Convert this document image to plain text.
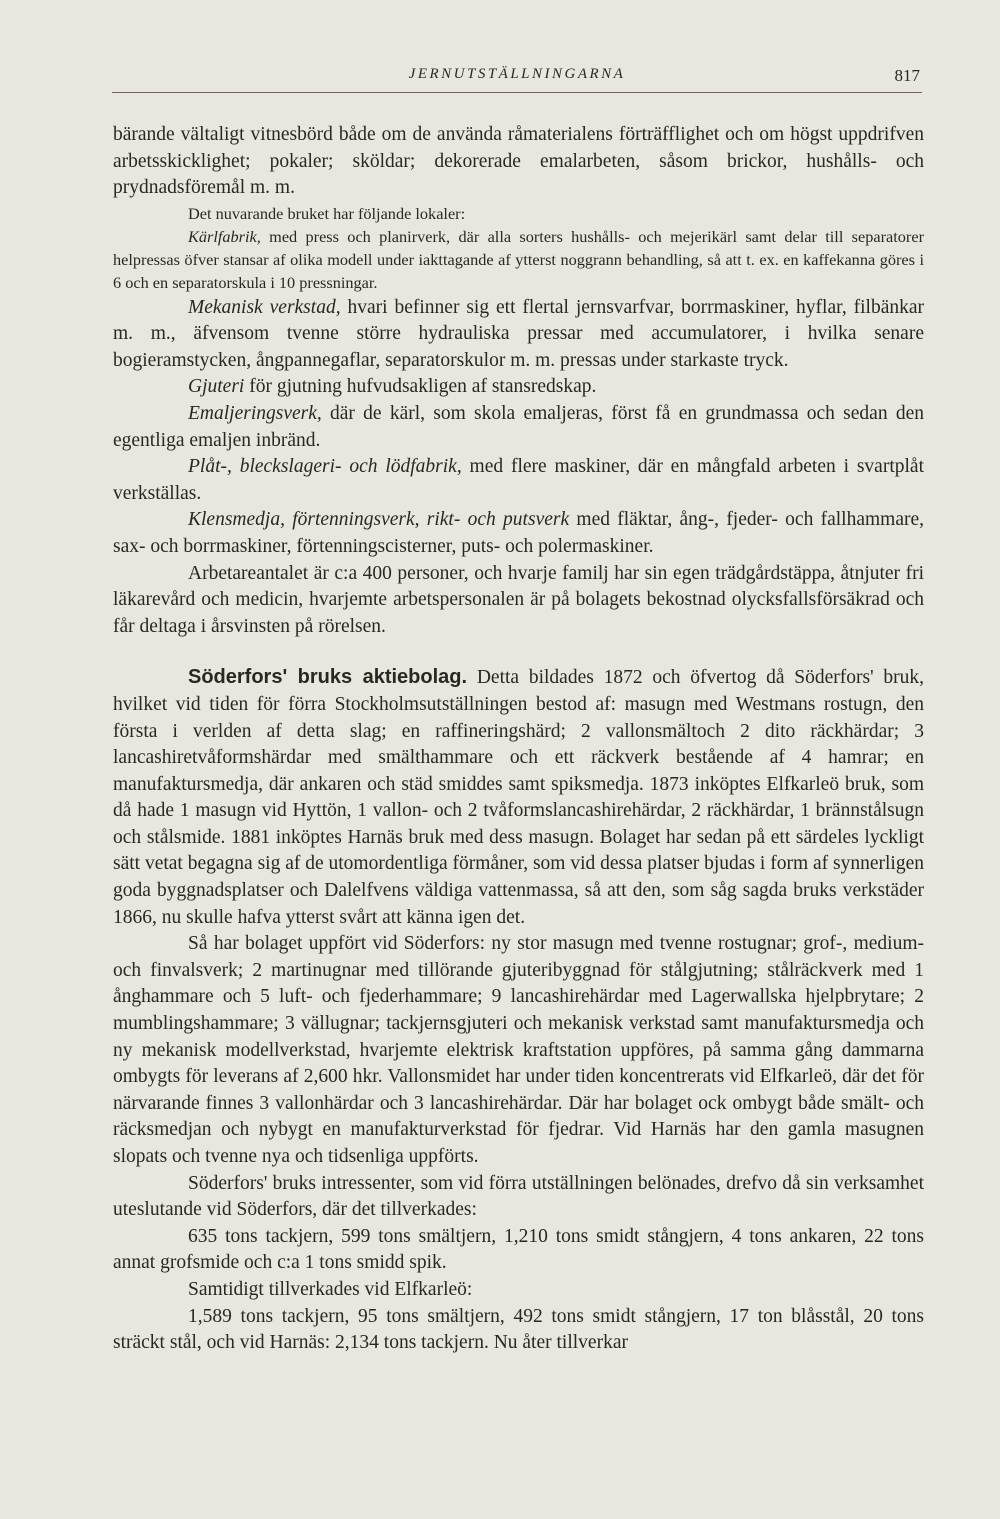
JERNUTSTÄLLNINGARNA	817

bärande vältaligt vitnesbörd både om de använda råmaterialens förträfflighet och om högst uppdrifven arbetsskicklighet; pokaler; sköldar; dekorerade emalarbeten, såsom brickor, hushålls- och prydnadsföremål m. m.

Det nuvarande bruket har följande lokaler:

Kärlfabrik, med press och planirverk, där alla sorters hushålls- och mejerikärl samt delar till separatorer helpressas öfver stansar af olika modell under iakttagande af ytterst noggrann behandling, så att t. ex. en kaffekanna göres i 6 och en separatorskula i 10 pressningar.

Mekanisk verkstad, hvari befinner sig ett flertal jernsvarfvar, borrmaskiner, hyflar, filbänkar m. m., äfvensom tvenne större hydrauliska pressar med accumulatorer, i hvilka senare bogieramstycken, ångpannegaflar, separatorskulor m. m. pressas under starkaste tryck.

Gjuteri för gjutning hufvudsakligen af stansredskap.

Emaljeringsverk, där de kärl, som skola emaljeras, först få en grundmassa och sedan den egentliga emaljen inbränd.

Plåt-, bleckslageri- och lödfabrik, med flere maskiner, där en mångfald arbeten i svartplåt verkställas.

Klensmedja, förtenningsverk, rikt- och putsverk med fläktar, ång-, fjeder- och fallhammare, sax- och borrmaskiner, förtenningscisterner, puts- och polermaskiner.

Arbetareantalet är c:a 400 personer, och hvarje familj har sin egen trädgårdstäppa, åtnjuter fri läkarevård och medicin, hvarjemte arbetspersonalen är på bolagets bekostnad olycksfallsförsäkrad och får deltaga i årsvinsten på rörelsen.

Söderfors' bruks aktiebolag. Detta bildades 1872 och öfvertog då Söderfors' bruk, hvilket vid tiden för förra Stockholmsutställningen bestod af: masugn med Westmans rostugn, den första i verlden af detta slag; en raffineringshärd; 2 vallonsmältoch 2 dito räckhärdar; 3 lancashiretvåformshärdar med smälthammare och ett räckverk bestående af 4 hamrar; en manufaktursmedja, där ankaren och städ smiddes samt spiksmedja. 1873 inköptes Elfkarleö bruk, som då hade 1 masugn vid Hyttön, 1 vallon- och 2 tvåformslancashirehärdar, 2 räckhärdar, 1 brännstålsugn och stålsmide. 1881 inköptes Harnäs bruk med dess masugn. Bolaget har sedan på ett särdeles lyckligt sätt vetat begagna sig af de utomordentliga förmåner, som vid dessa platser bjudas i form af synnerligen goda byggnadsplatser och Dalelfvens väldiga vattenmassa, så att den, som såg sagda bruks verkstäder 1866, nu skulle hafva ytterst svårt att känna igen det.

Så har bolaget uppfört vid Söderfors: ny stor masugn med tvenne rostugnar; grof-, medium- och finvalsverk; 2 martinugnar med tillörande gjuteribyggnad för stålgjutning; stålräckverk med 1 ånghammare och 5 luft- och fjederhammare; 9 lancashirehärdar med Lagerwallska hjelpbrytare; 2 mumblingshammare; 3 vällugnar; tackjernsgjuteri och mekanisk verkstad samt manufaktursmedja och ny mekanisk modellverkstad, hvarjemte elektrisk kraftstation uppföres, på samma gång dammarna ombygts för leverans af 2,600 hkr. Vallonsmidet har under tiden koncentrerats vid Elfkarleö, där det för närvarande finnes 3 vallonhärdar och 3 lancashirehärdar. Där har bolaget ock ombygt både smält- och räcksmedjan och nybygt en manufakturverkstad för fjedrar. Vid Harnäs har den gamla masugnen slopats och tvenne nya och tidsenliga uppförts.

Söderfors' bruks intressenter, som vid förra utställningen belönades, drefvo då sin verksamhet uteslutande vid Söderfors, där det tillverkades:

635 tons tackjern, 599 tons smältjern, 1,210 tons smidt stångjern, 4 tons ankaren, 22 tons annat grofsmide och c:a 1 tons smidd spik.

Samtidigt tillverkades vid Elfkarleö:

1,589 tons tackjern, 95 tons smältjern, 492 tons smidt stångjern, 17 ton blåsstål, 20 tons sträckt stål, och vid Harnäs: 2,134 tons tackjern. Nu åter tillverkar
